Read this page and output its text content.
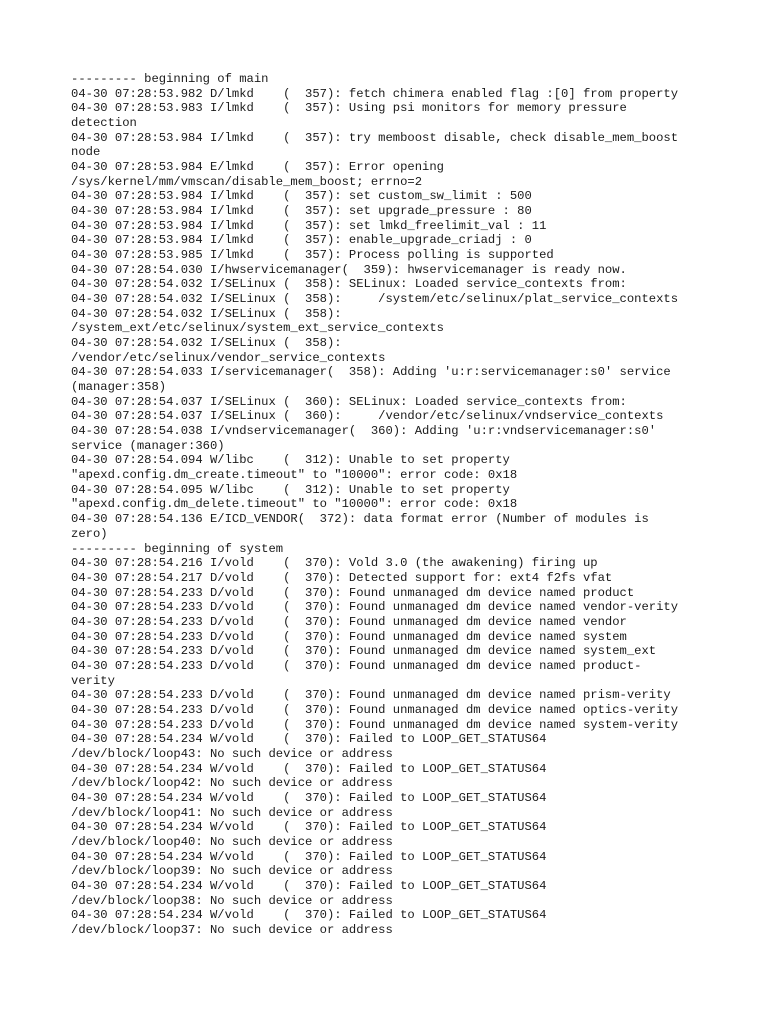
--------- beginning of main
04-30 07:28:53.982 D/lmkd    (  357): fetch chimera enabled flag :[0] from property
04-30 07:28:53.983 I/lmkd    (  357): Using psi monitors for memory pressure
detection
04-30 07:28:53.984 I/lmkd    (  357): try memboost disable, check disable_mem_boost
node
04-30 07:28:53.984 E/lmkd    (  357): Error opening
/sys/kernel/mm/vmscan/disable_mem_boost; errno=2
04-30 07:28:53.984 I/lmkd    (  357): set custom_sw_limit : 500
04-30 07:28:53.984 I/lmkd    (  357): set upgrade_pressure : 80
04-30 07:28:53.984 I/lmkd    (  357): set lmkd_freelimit_val : 11
04-30 07:28:53.984 I/lmkd    (  357): enable_upgrade_criadj : 0
04-30 07:28:53.985 I/lmkd    (  357): Process polling is supported
04-30 07:28:54.030 I/hwservicemanager(  359): hwservicemanager is ready now.
04-30 07:28:54.032 I/SELinux (  358): SELinux: Loaded service_contexts from:
04-30 07:28:54.032 I/SELinux (  358):     /system/etc/selinux/plat_service_contexts
04-30 07:28:54.032 I/SELinux (  358):
/system_ext/etc/selinux/system_ext_service_contexts
04-30 07:28:54.032 I/SELinux (  358):
/vendor/etc/selinux/vendor_service_contexts
04-30 07:28:54.033 I/servicemanager(  358): Adding 'u:r:servicemanager:s0' service
(manager:358)
04-30 07:28:54.037 I/SELinux (  360): SELinux: Loaded service_contexts from:
04-30 07:28:54.037 I/SELinux (  360):     /vendor/etc/selinux/vndservice_contexts
04-30 07:28:54.038 I/vndservicemanager(  360): Adding 'u:r:vndservicemanager:s0'
service (manager:360)
04-30 07:28:54.094 W/libc    (  312): Unable to set property
"apexd.config.dm_create.timeout" to "10000": error code: 0x18
04-30 07:28:54.095 W/libc    (  312): Unable to set property
"apexd.config.dm_delete.timeout" to "10000": error code: 0x18
04-30 07:28:54.136 E/ICD_VENDOR(  372): data format error (Number of modules is
zero)
--------- beginning of system
04-30 07:28:54.216 I/vold    (  370): Vold 3.0 (the awakening) firing up
04-30 07:28:54.217 D/vold    (  370): Detected support for: ext4 f2fs vfat
04-30 07:28:54.233 D/vold    (  370): Found unmanaged dm device named product
04-30 07:28:54.233 D/vold    (  370): Found unmanaged dm device named vendor-verity
04-30 07:28:54.233 D/vold    (  370): Found unmanaged dm device named vendor
04-30 07:28:54.233 D/vold    (  370): Found unmanaged dm device named system
04-30 07:28:54.233 D/vold    (  370): Found unmanaged dm device named system_ext
04-30 07:28:54.233 D/vold    (  370): Found unmanaged dm device named product-
verity
04-30 07:28:54.233 D/vold    (  370): Found unmanaged dm device named prism-verity
04-30 07:28:54.233 D/vold    (  370): Found unmanaged dm device named optics-verity
04-30 07:28:54.233 D/vold    (  370): Found unmanaged dm device named system-verity
04-30 07:28:54.234 W/vold    (  370): Failed to LOOP_GET_STATUS64
/dev/block/loop43: No such device or address
04-30 07:28:54.234 W/vold    (  370): Failed to LOOP_GET_STATUS64
/dev/block/loop42: No such device or address
04-30 07:28:54.234 W/vold    (  370): Failed to LOOP_GET_STATUS64
/dev/block/loop41: No such device or address
04-30 07:28:54.234 W/vold    (  370): Failed to LOOP_GET_STATUS64
/dev/block/loop40: No such device or address
04-30 07:28:54.234 W/vold    (  370): Failed to LOOP_GET_STATUS64
/dev/block/loop39: No such device or address
04-30 07:28:54.234 W/vold    (  370): Failed to LOOP_GET_STATUS64
/dev/block/loop38: No such device or address
04-30 07:28:54.234 W/vold    (  370): Failed to LOOP_GET_STATUS64
/dev/block/loop37: No such device or address
